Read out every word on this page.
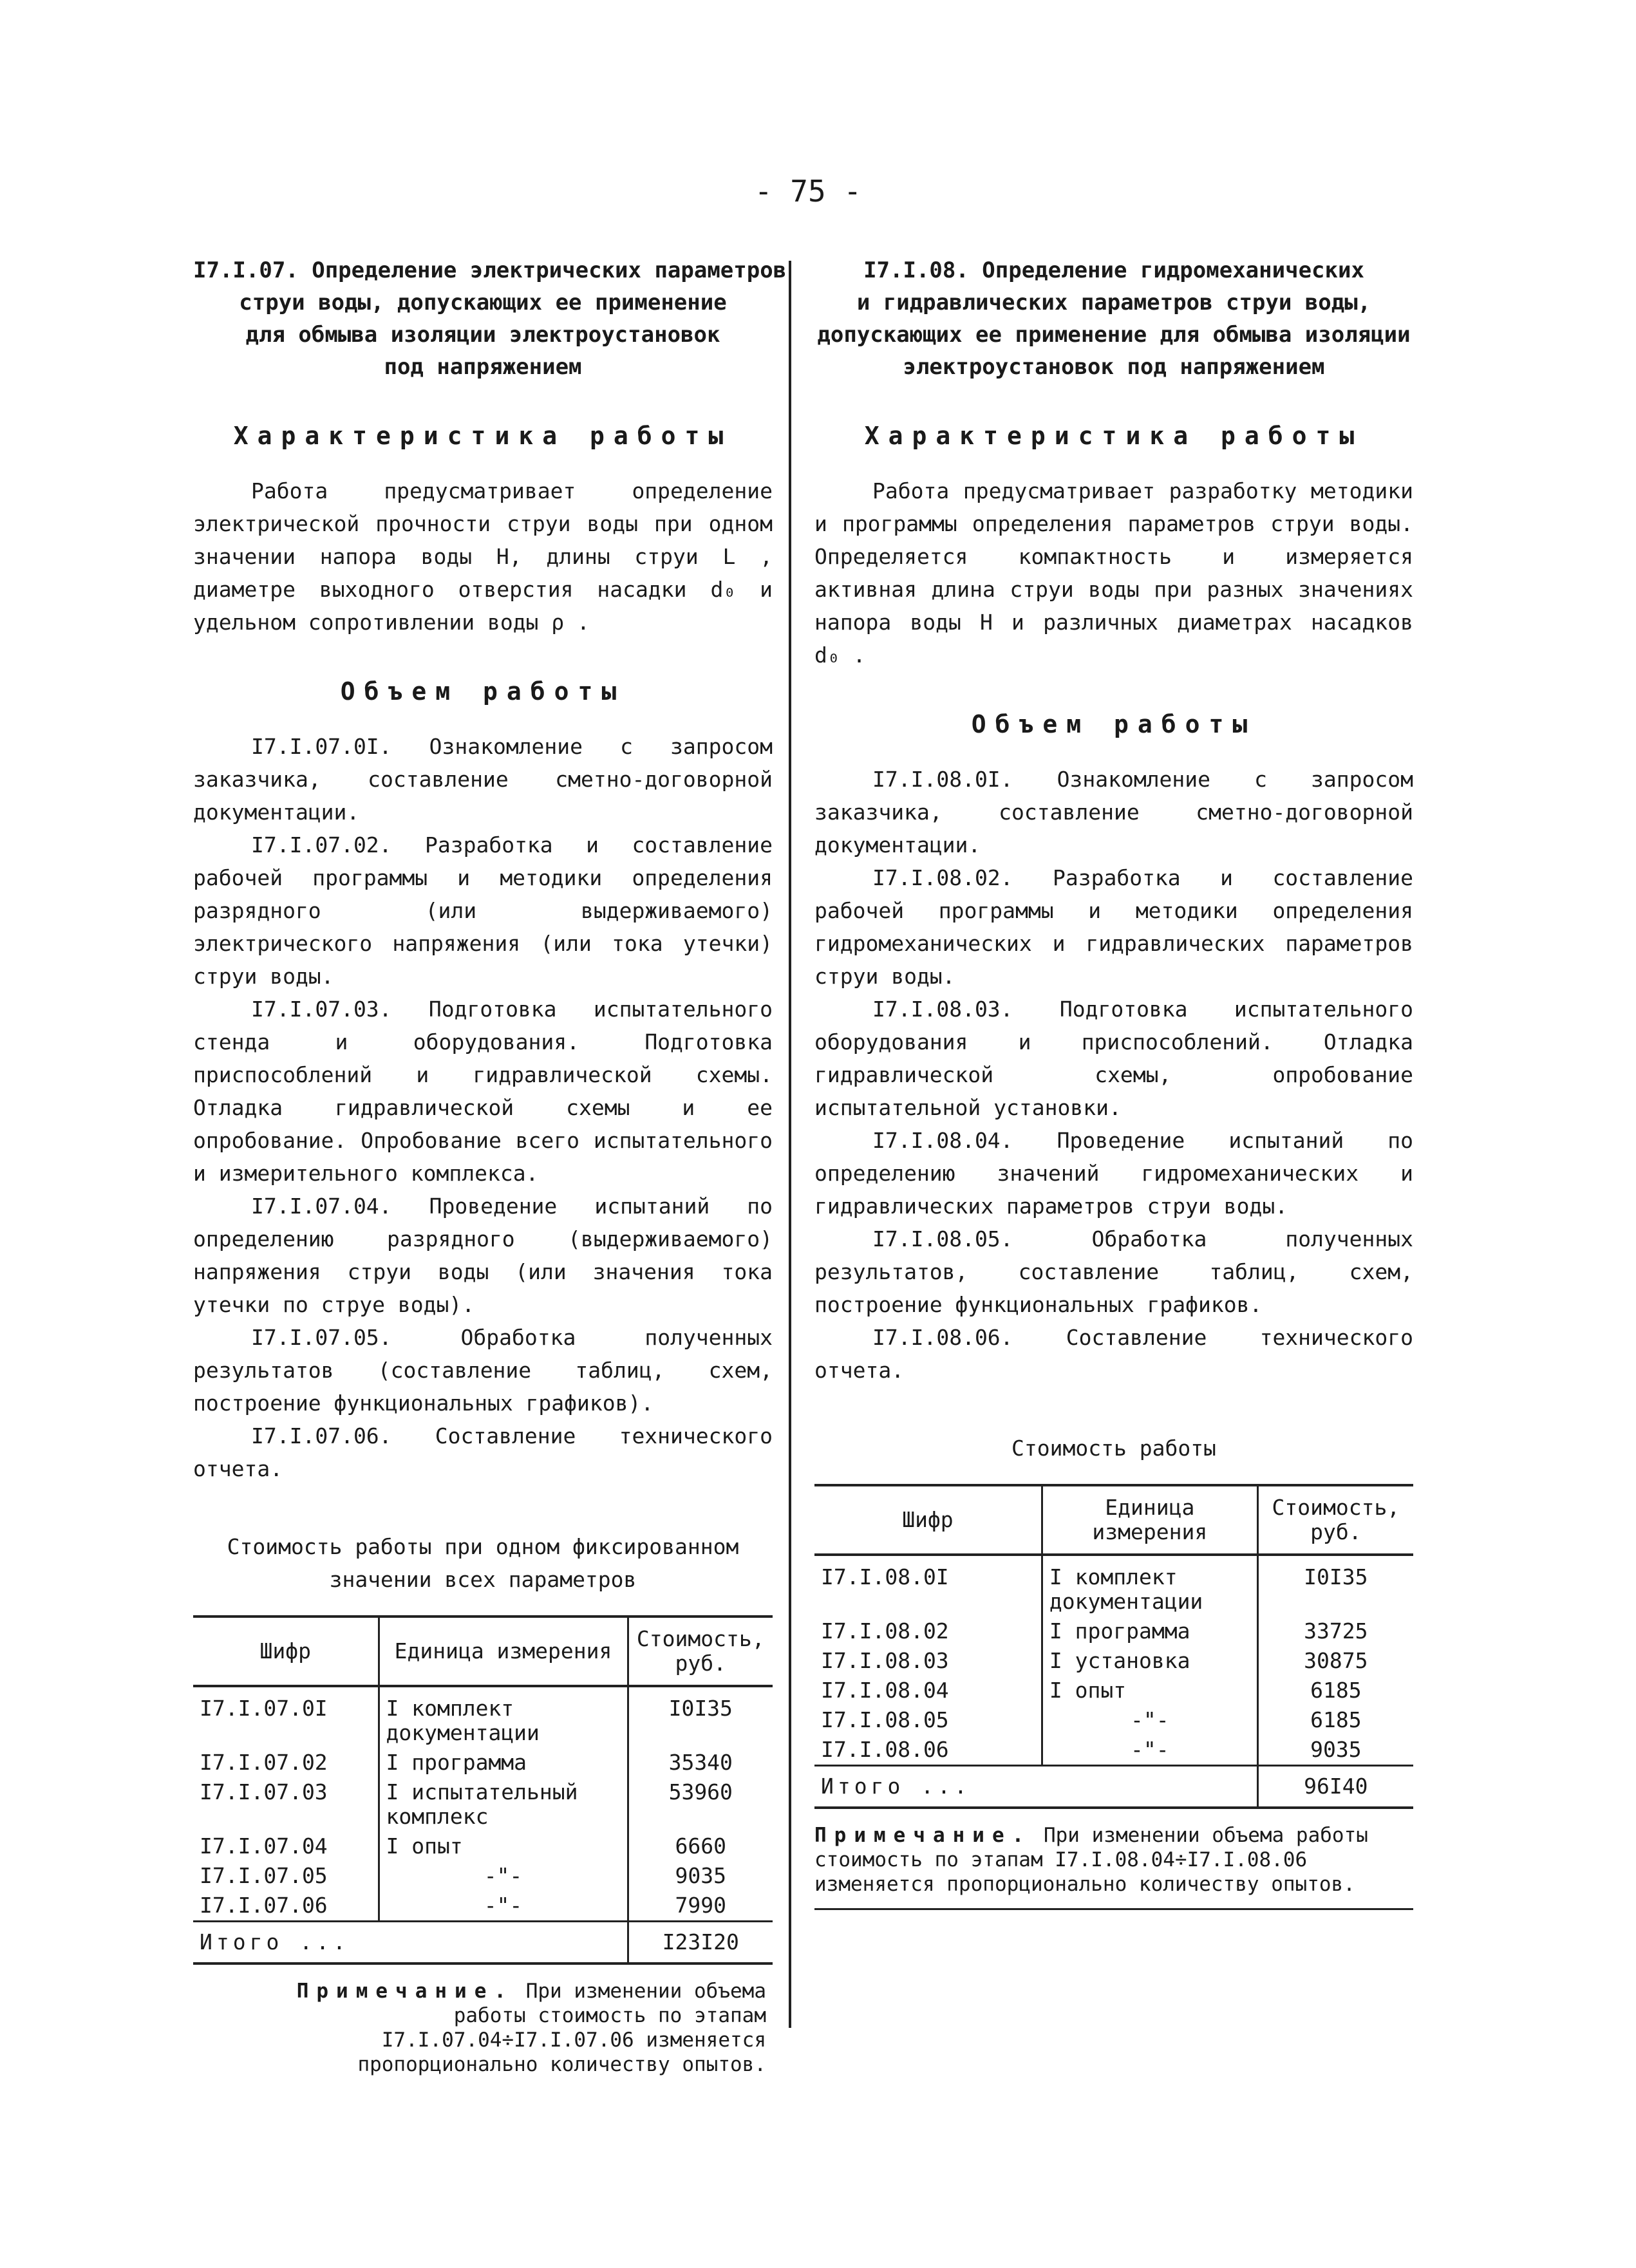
- 75 -
I7.I.07. Определение электрических параметров
струи воды, допускающих ее применение
для обмыва изоляции электроустановок
под напряжением
Характеристика работы

Работа предусматривает определение электрической прочности струи воды при одном значении напора воды Н, длины струи L , диаметре выходного отверстия насадки d₀ и удельном сопротивлении воды ρ .

Объем работы

I7.I.07.0I. Ознакомление с запросом заказчика, составление сметно-договорной документации.

I7.I.07.02. Разработка и составление рабочей программы и методики определения разрядного (или выдерживаемого) электрического напряжения (или тока утечки) струи воды.

I7.I.07.03. Подготовка испытательного стенда и оборудования. Подготовка приспособлений и гидравлической схемы. Отладка гидравлической схемы и ее опробование. Опробование всего испытательного и измерительного комплекса.

I7.I.07.04. Проведение испытаний по определению разрядного (выдерживаемого) напряжения струи воды (или значения тока утечки по струе воды).

I7.I.07.05. Обработка полученных результатов (составление таблиц, схем, построение функциональных графиков).

I7.I.07.06. Составление технического отчета.

Стоимость работы при одном фиксированном значении всех параметров
Шифр	Единица измерения	Стоимость, руб.
I7.I.07.0I	I комплект документации	I0I35
I7.I.07.02	I программа	35340
I7.I.07.03	I испытательный комплекс	53960
I7.I.07.04	I опыт	6660
I7.I.07.05	-"-	9035
I7.I.07.06	-"-	7990
Итого ...		I23I20

Примечание. При изменении объема работы стоимость по этапам I7.I.07.04÷I7.I.07.06 изменяется пропорционально количеству опытов.

I7.I.08. Определение гидромеханических
и гидравлических параметров струи воды,
допускающих ее применение для обмыва изоляции
электроустановок под напряжением
Характеристика работы

Работа предусматривает разработку методики и программы определения параметров струи воды. Определяется компактность и измеряется активная длина струи воды при разных значениях напора воды Н и различных диаметрах насадков d₀ .

Объем работы

I7.I.08.0I. Ознакомление с запросом заказчика, составление сметно-договорной документации.

I7.I.08.02. Разработка и составление рабочей программы и методики определения гидромеханических и гидравлических параметров струи воды.

I7.I.08.03. Подготовка испытательного оборудования и приспособлений. Отладка гидравлической схемы, опробование испытательной установки.

I7.I.08.04. Проведение испытаний по определению значений гидромеханических и гидравлических параметров струи воды.

I7.I.08.05. Обработка полученных результатов, составление таблиц, схем, построение функциональных графиков.

I7.I.08.06. Составление технического отчета.

Стоимость работы
Шифр	Единица измерения	Стоимость, руб.
I7.I.08.0I	I комплект документации	I0I35
I7.I.08.02	I программа	33725
I7.I.08.03	I установка	30875
I7.I.08.04	I опыт	6185
I7.I.08.05	-"-	6185
I7.I.08.06	-"-	9035
Итого ...		96I40

Примечание. При изменении объема работы стоимость по этапам I7.I.08.04÷I7.I.08.06 изменяется пропорционально количеству опытов.
